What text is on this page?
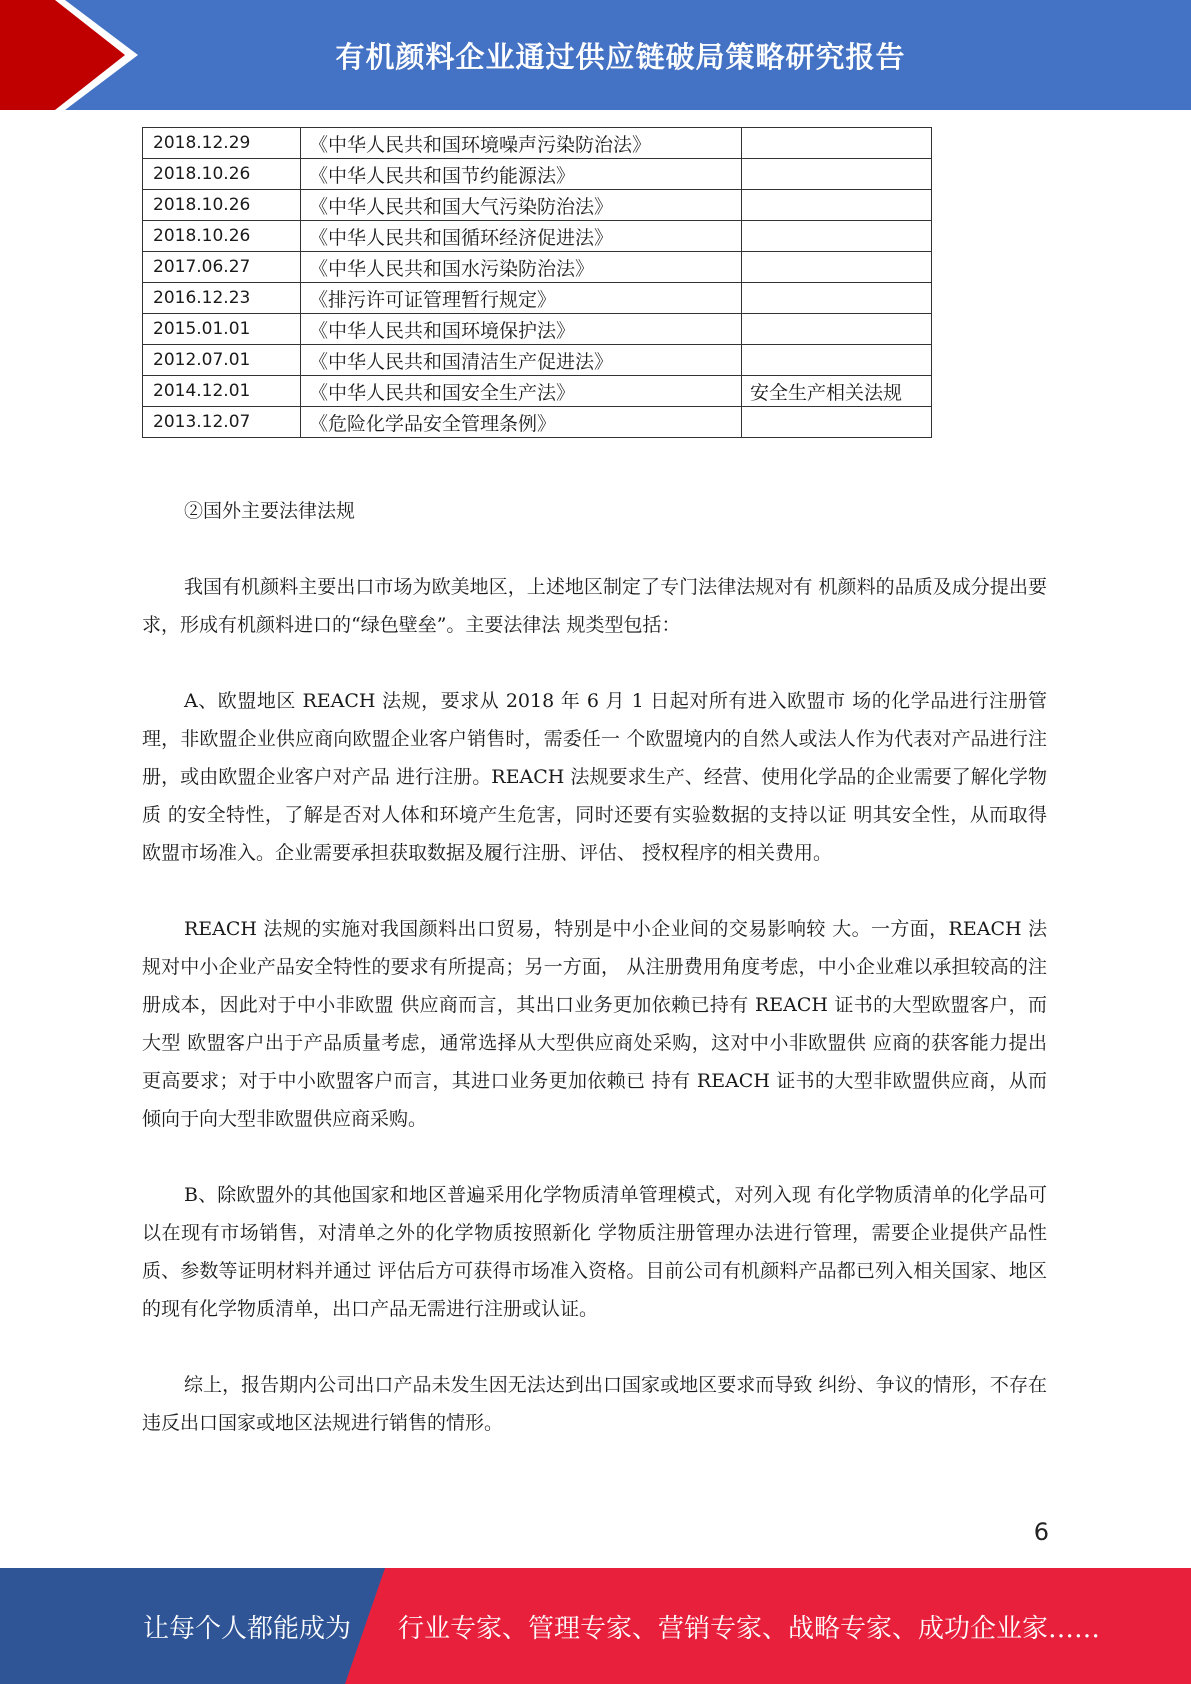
有机颜料企业通过供应链破局策略研究报告
2018.12.29	《中华人民共和国环境噪声污染防治法》	
2018.10.26	《中华人民共和国节约能源法》	
2018.10.26	《中华人民共和国大气污染防治法》	
2018.10.26	《中华人民共和国循环经济促进法》	
2017.06.27	《中华人民共和国水污染防治法》	
2016.12.23	《排污许可证管理暂行规定》	
2015.01.01	《中华人民共和国环境保护法》	
2012.07.01	《中华人民共和国清洁生产促进法》	
2014.12.01	《中华人民共和国安全生产法》	安全生产相关法规
2013.12.07	《危险化学品安全管理条例》	

②国外主要法律法规

我国有机颜料主要出口市场为欧美地区，上述地区制定了专门法律法规对有 机颜料的品质及成分提出要求，形成有机颜料进口的“绿色壁垒”。主要法律法 规类型包括：

A、欧盟地区 REACH 法规，要求从 2018 年 6 月 1 日起对所有进入欧盟市 场的化学品进行注册管理，非欧盟企业供应商向欧盟企业客户销售时，需委任一 个欧盟境内的自然人或法人作为代表对产品进行注册，或由欧盟企业客户对产品 进行注册。REACH 法规要求生产、经营、使用化学品的企业需要了解化学物质 的安全特性，了解是否对人体和环境产生危害，同时还要有实验数据的支持以证 明其安全性，从而取得欧盟市场准入。企业需要承担获取数据及履行注册、评估、 授权程序的相关费用。

REACH 法规的实施对我国颜料出口贸易，特别是中小企业间的交易影响较 大。一方面，REACH 法规对中小企业产品安全特性的要求有所提高；另一方面， 从注册费用角度考虑，中小企业难以承担较高的注册成本，因此对于中小非欧盟 供应商而言，其出口业务更加依赖已持有 REACH 证书的大型欧盟客户，而大型 欧盟客户出于产品质量考虑，通常选择从大型供应商处采购，这对中小非欧盟供 应商的获客能力提出更高要求；对于中小欧盟客户而言，其进口业务更加依赖已 持有 REACH 证书的大型非欧盟供应商，从而倾向于向大型非欧盟供应商采购。

B、除欧盟外的其他国家和地区普遍采用化学物质清单管理模式，对列入现 有化学物质清单的化学品可以在现有市场销售，对清单之外的化学物质按照新化 学物质注册管理办法进行管理，需要企业提供产品性质、参数等证明材料并通过 评估后方可获得市场准入资格。目前公司有机颜料产品都已列入相关国家、地区 的现有化学物质清单，出口产品无需进行注册或认证。

综上，报告期内公司出口产品未发生因无法达到出口国家或地区要求而导致 纠纷、争议的情形，不存在违反出口国家或地区法规进行销售的情形。

6
让每个人都能成为 行业专家、管理专家、营销专家、战略专家、成功企业家……
